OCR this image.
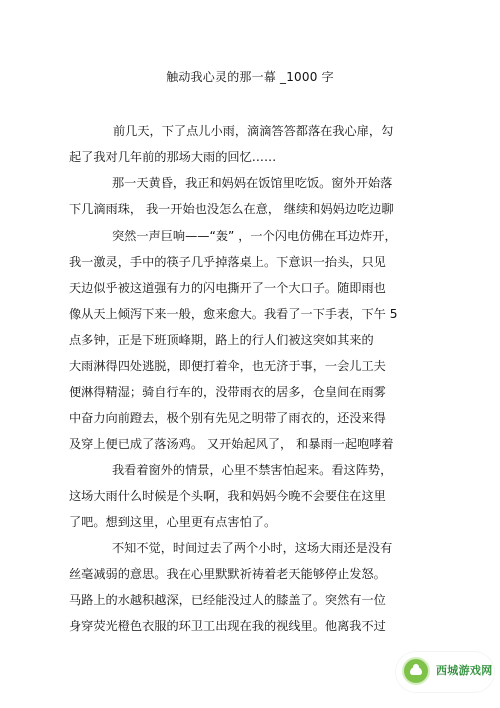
触动我心灵的那一幕 _1000 字
前几天，下了点儿小雨，滴滴答答都落在我心扉，勾
起了我对几年前的那场大雨的回忆……
那一天黄昏，我正和妈妈在饭馆里吃饭。窗外开始落
下几滴雨珠， 我一开始也没怎么在意， 继续和妈妈边吃边聊
突然一声巨响——“轰” ，一个闪电仿佛在耳边炸开，
我一激灵，手中的筷子几乎掉落桌上。下意识一抬头，只见
天边似乎被这道强有力的闪电撕开了一个大口子。随即雨也
像从天上倾泻下来一般，愈来愈大。我看了一下手表，下午 5
点多钟，正是下班顶峰期，路上的行人们被这突如其来的
大雨淋得四处逃脱，即便打着伞，也无济于事，一会儿工夫
便淋得精湿；骑自行车的，没带雨衣的居多，仓皇间在雨雾
中奋力向前蹬去，极个别有先见之明带了雨衣的，还没来得
及穿上便已成了落汤鸡。 又开始起风了， 和暴雨一起咆哮着
我看着窗外的情景，心里不禁害怕起来。看这阵势，
这场大雨什么时候是个头啊，我和妈妈今晚不会要住在这里
了吧。想到这里，心里更有点害怕了。
不知不觉，时间过去了两个小时，这场大雨还是没有
丝毫减弱的意思。我在心里默默祈祷着老天能够停止发怒。
马路上的水越积越深，已经能没过人的膝盖了。突然有一位
身穿荧光橙色衣服的环卫工出现在我的视线里。他离我不过
西城游戏网
